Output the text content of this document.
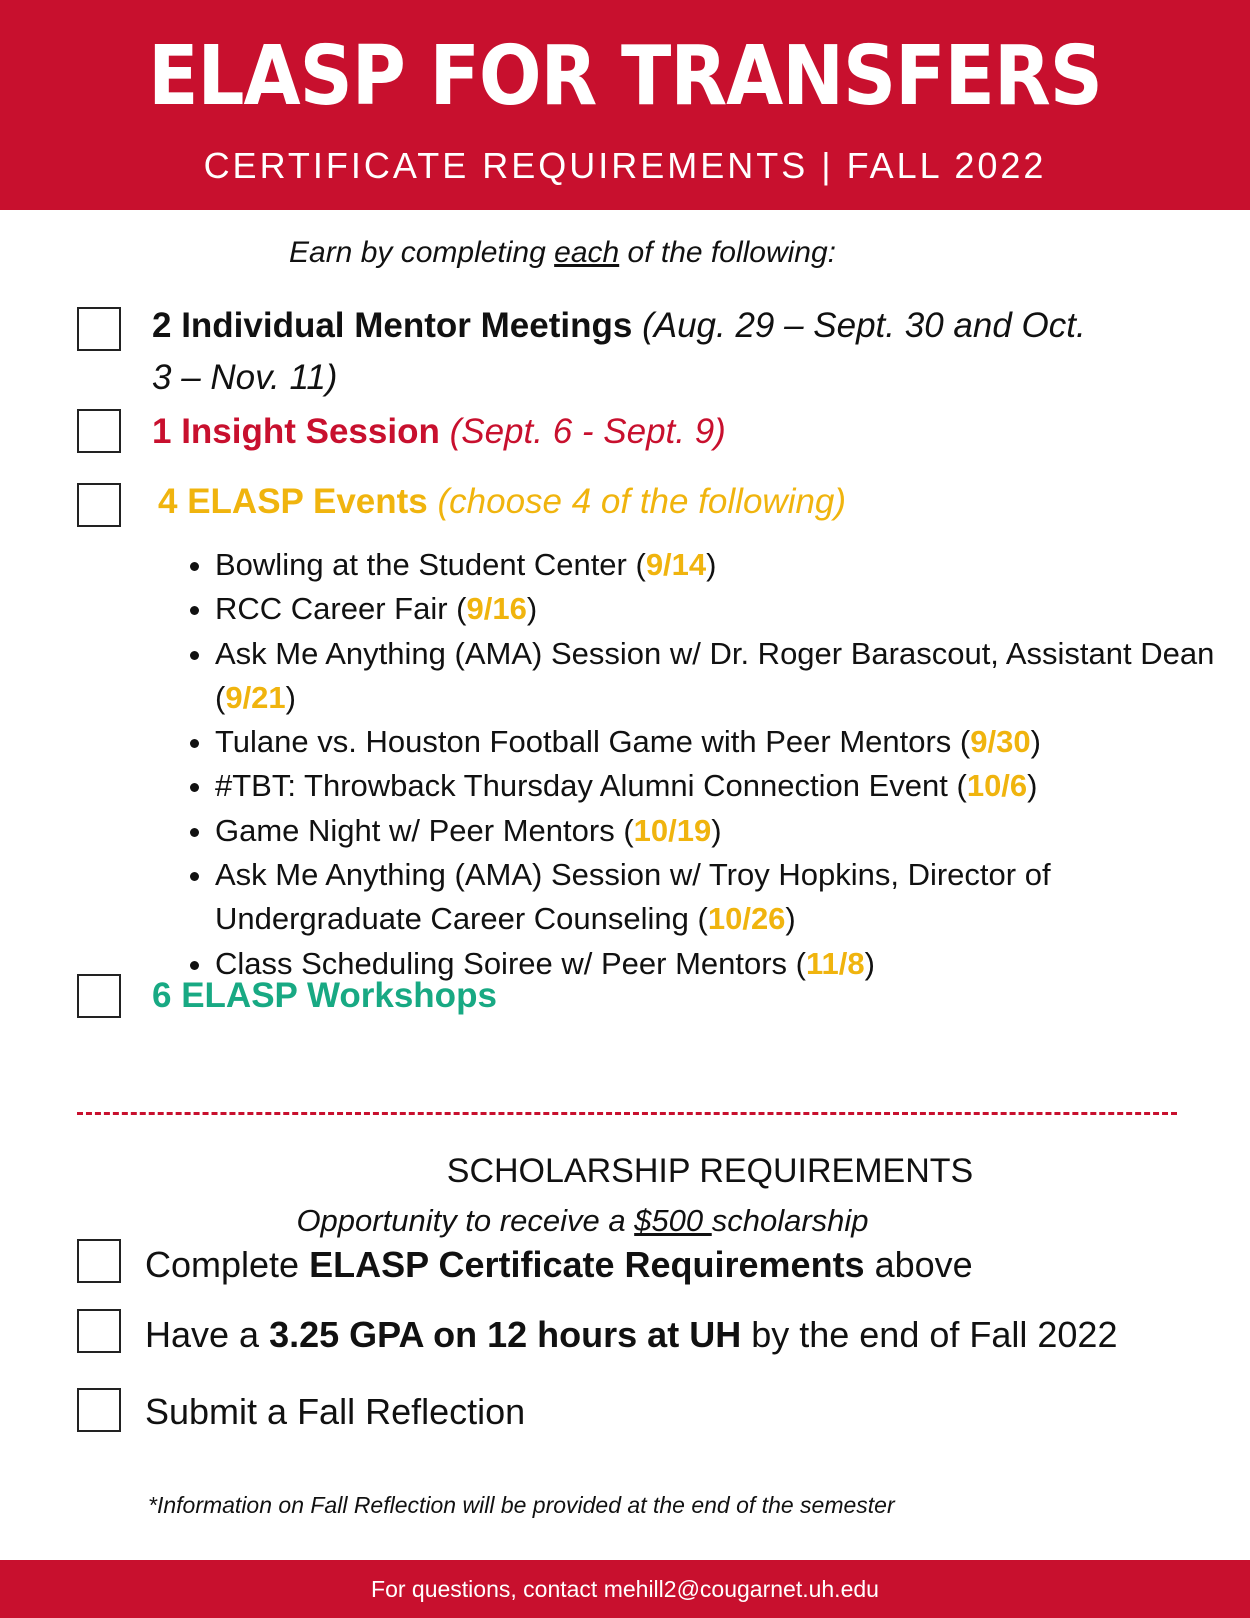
ELASP FOR TRANSFERS
CERTIFICATE REQUIREMENTS | FALL 2022
Earn by completing each of the following:
2 Individual Mentor Meetings (Aug. 29 – Sept. 30 and Oct. 3 – Nov. 11)
1 Insight Session (Sept. 6 - Sept. 9)
4 ELASP Events (choose 4 of the following)
• Bowling at the Student Center (9/14)
• RCC Career Fair (9/16)
• Ask Me Anything (AMA) Session w/ Dr. Roger Barascout, Assistant Dean (9/21)
• Tulane vs. Houston Football Game with Peer Mentors (9/30)
• #TBT: Throwback Thursday Alumni Connection Event (10/6)
• Game Night w/ Peer Mentors (10/19)
• Ask Me Anything (AMA) Session w/ Troy Hopkins, Director of Undergraduate Career Counseling (10/26)
• Class Scheduling Soiree w/ Peer Mentors (11/8)
6 ELASP Workshops
SCHOLARSHIP REQUIREMENTS
Opportunity to receive a $500 scholarship
Complete ELASP Certificate Requirements above
Have a 3.25 GPA on 12 hours at UH by the end of Fall 2022
Submit a Fall Reflection
*Information on Fall Reflection will be provided at the end of the semester
For questions, contact mehill2@cougarnet.uh.edu
